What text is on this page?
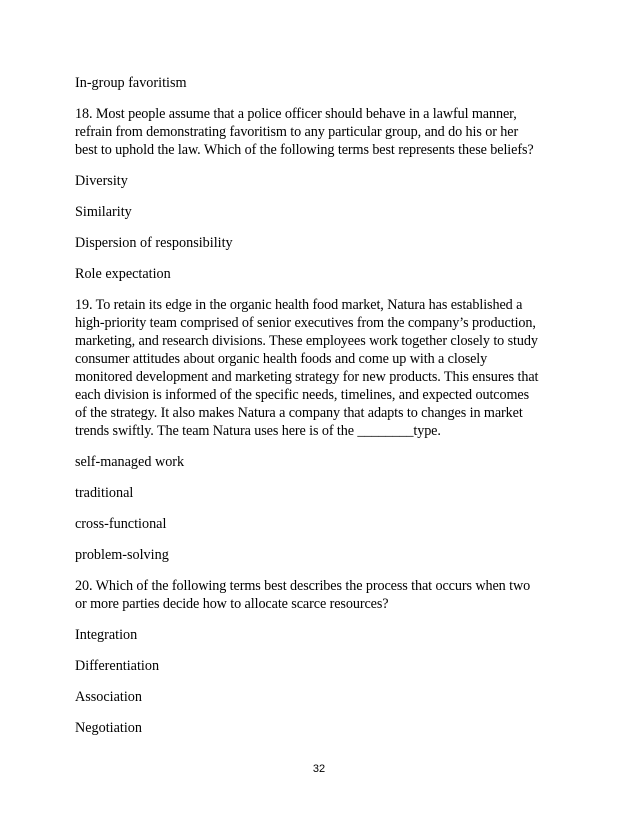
In-group favoritism
18. Most people assume that a police officer should behave in a lawful manner,
refrain from demonstrating favoritism to any particular group, and do his or her
best to uphold the law. Which of the following terms best represents these beliefs?
Diversity
Similarity
Dispersion of responsibility
Role expectation
19. To retain its edge in the organic health food market, Natura has established a
high-priority team comprised of senior executives from the company’s production,
marketing, and research divisions. These employees work together closely to study
consumer attitudes about organic health foods and come up with a closely
monitored development and marketing strategy for new products. This ensures that
each division is informed of the specific needs, timelines, and expected outcomes
of the strategy. It also makes Natura a company that adapts to changes in market
trends swiftly. The team Natura uses here is of the ________type.
self-managed work
traditional
cross-functional
problem-solving
20. Which of the following terms best describes the process that occurs when two
or more parties decide how to allocate scarce resources?
Integration
Differentiation
Association
Negotiation
32
